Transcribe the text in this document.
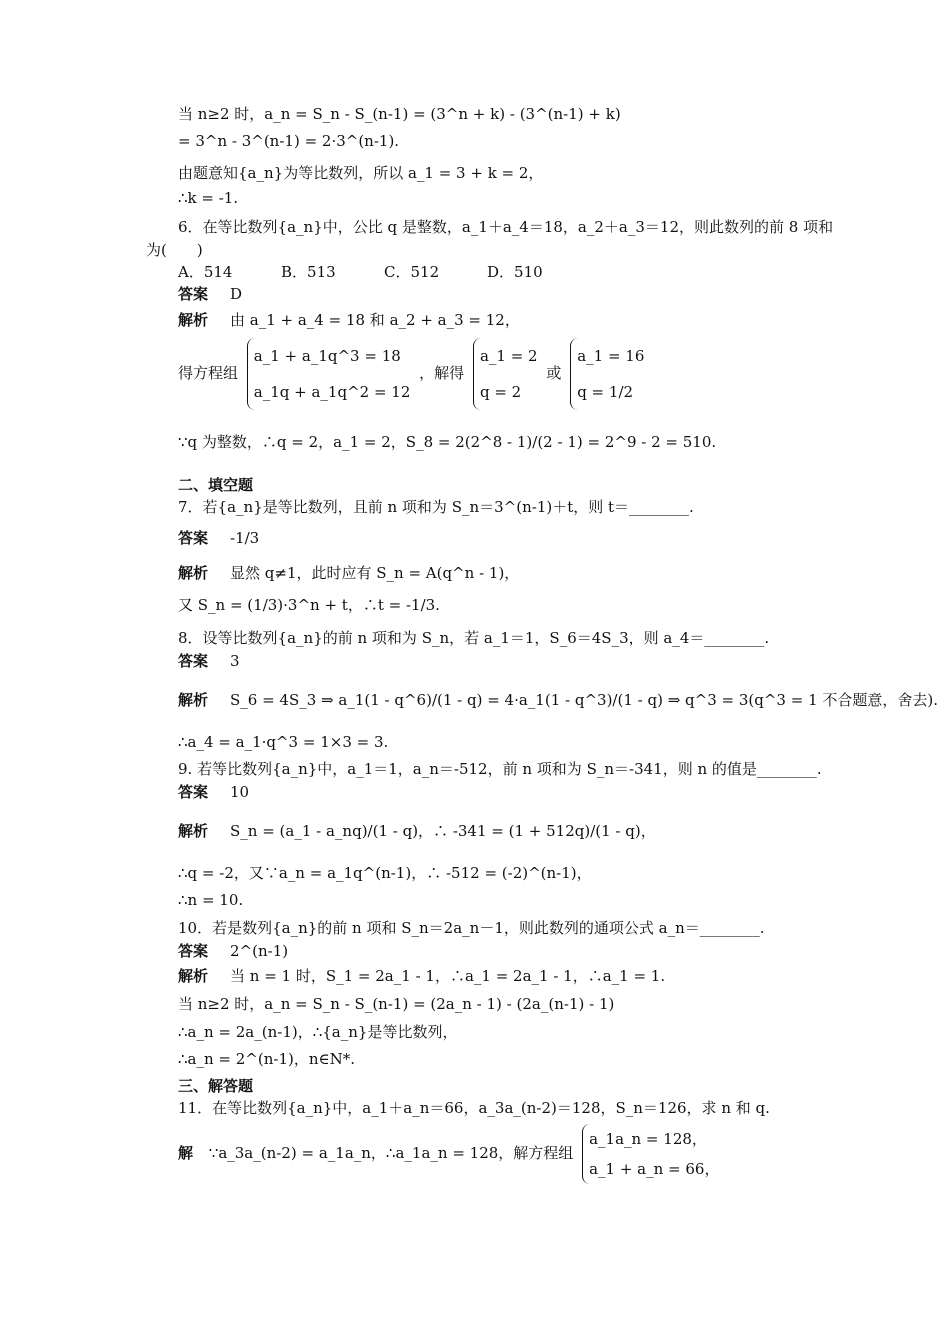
当 n≥2 时，a_n = S_n - S_(n-1) = (3^n + k) - (3^(n-1) + k)
= 3^n - 3^(n-1) = 2·3^(n-1).
由题意知{a_n}为等比数列，所以 a_1 = 3 + k = 2，
∴k = -1.
6．在等比数列{a_n}中，公比 q 是整数，a_1＋a_4＝18，a_2＋a_3＝12，则此数列的前 8 项和
为(　　)
A．514	B．513	C．512	D．510
答案 D
解析 由 a_1 + a_4 = 18 和 a_2 + a_3 = 12，
得方程组
a_1 + a_1q^3 = 18
a_1q + a_1q^2 = 12
，解得
a_1 = 2
q = 2
或
a_1 = 16
q = 1/2
∵q 为整数，∴q = 2，a_1 = 2，S_8 = 2(2^8 - 1)/(2 - 1) = 2^9 - 2 = 510.
二、填空题
7．若{a_n}是等比数列，且前 n 项和为 S_n＝3^(n-1)＋t，则 t＝________.
答案 -1/3
解析 显然 q≠1，此时应有 S_n = A(q^n - 1)，
又 S_n = (1/3)·3^n + t，∴t = -1/3.
8．设等比数列{a_n}的前 n 项和为 S_n，若 a_1＝1，S_6＝4S_3，则 a_4＝________.
答案 3
解析 S_6 = 4S_3 ⇒ a_1(1 - q^6)/(1 - q) = 4·a_1(1 - q^3)/(1 - q) ⇒ q^3 = 3(q^3 = 1 不合题意，舍去).
∴a_4 = a_1·q^3 = 1×3 = 3.
9. 若等比数列{a_n}中，a_1＝1，a_n＝-512，前 n 项和为 S_n＝-341，则 n 的值是________.
答案 10
解析 S_n = (a_1 - a_nq)/(1 - q)，∴ -341 = (1 + 512q)/(1 - q)，
∴q = -2，又∵a_n = a_1q^(n-1)，∴ -512 = (-2)^(n-1)，
∴n = 10.
10．若是数列{a_n}的前 n 项和 S_n＝2a_n－1，则此数列的通项公式 a_n＝________.
答案 2^(n-1)
解析 当 n = 1 时，S_1 = 2a_1 - 1，∴a_1 = 2a_1 - 1，∴a_1 = 1.
当 n≥2 时，a_n = S_n - S_(n-1) = (2a_n - 1) - (2a_(n-1) - 1)
∴a_n = 2a_(n-1)，∴{a_n}是等比数列，
∴a_n = 2^(n-1)，n∈N*.
三、解答题
11．在等比数列{a_n}中，a_1＋a_n＝66，a_3a_(n-2)＝128，S_n＝126，求 n 和 q.
解 ∵a_3a_(n-2) = a_1a_n，∴a_1a_n = 128，解方程组
a_1a_n = 128，
a_1 + a_n = 66，
